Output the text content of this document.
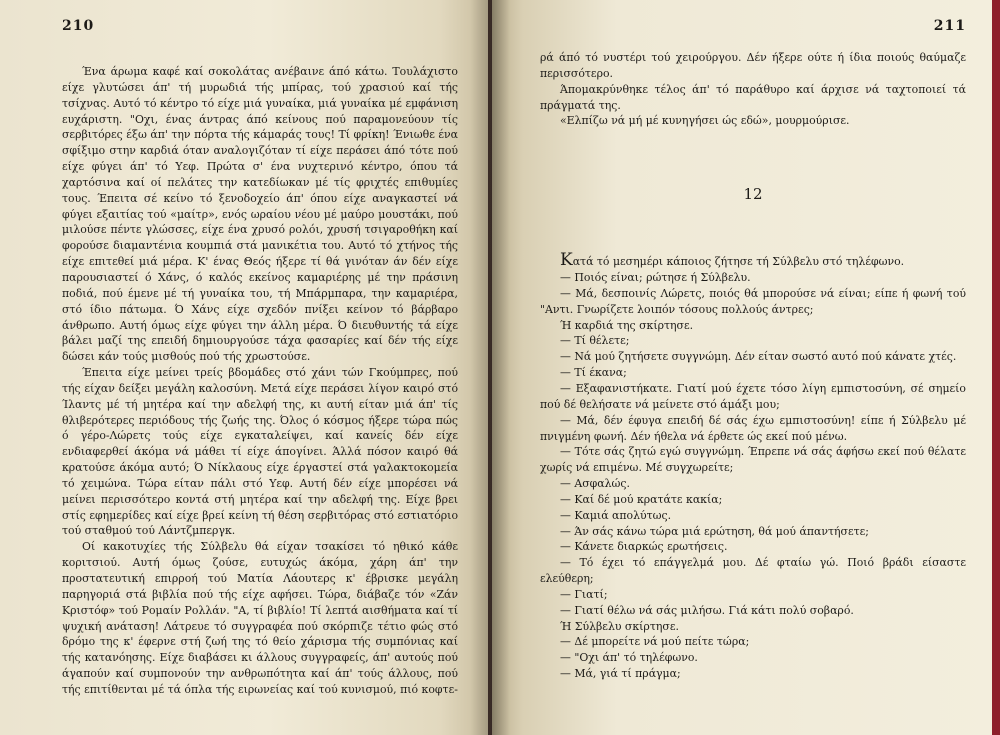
210

Ένα άρωμα καφέ καί σοκολάτας ανέβαινε άπό κάτω. Τουλάχιστο είχε γλυτώσει άπ' τή μυρωδιά τής μπίρας, τού χρασιού καί τής τσίχνας. Αυτό τό κέντρο τό είχε μιά γυναίκα, μιά γυναίκα μέ εμφάνιση ευχάριστη. "Οχι, ένας άντρας άπό κείνους πού παραμονεύουν τίς σερβιτόρες έξω άπ' την πόρτα τής κάμαράς τους! Τί φρίκη! Ένιωθε ένα σφίξιμο στην καρδιά όταν αναλογιζόταν τί είχε περάσει άπό τότε πού είχε φύγει άπ' τό Υεφ. Πρώτα σ' ένα νυχτερινό κέντρο, όπου τά χαρτόσινα καί οί πελάτες την κατεδίωκαν μέ τίς φριχτές επιθυμίες τους. Έπειτα σέ κείνο τό ξενοδοχείο άπ' όπου είχε αναγκαστεί νά φύγει εξαιτίας τού «μαίτρ», ενός ωραίου νέου μέ μαύρο μουστάκι, πού μιλούσε πέντε γλώσσες, είχε ένα χρυσό ρολόι, χρυσή τσιγαροθήκη καί φορούσε διαμαντένια κουμπιά στά μανικέτια του. Αυτό τό χτήνος τής είχε επιτεθεί μιά μέρα. Κ' ένας Θεός ήξερε τί θά γινόταν άν δέν είχε παρουσιαστεί ό Χάνς, ό καλός εκείνος καμαριέρης μέ την πράσινη ποδιά, πού έμενε μέ τή γυναίκα του, τή Μπάρμπαρα, την καμαριέρα, στό ίδιο πάτωμα. Ό Χάνς είχε σχεδόν πνίξει κείνον τό βάρβαρο άνθρωπο. Αυτή όμως είχε φύγει την άλλη μέρα. Ό διευθυντής τά είχε βάλει μαζί της επειδή δημιουργούσε τάχα φασαρίες καί δέν τής είχε δώσει κάν τούς μισθούς πού τής χρωστούσε.

Έπειτα είχε μείνει τρείς βδομάδες στό χάνι τών Γκούμπρες, πού τής είχαν δείξει μεγάλη καλοσύνη. Μετά είχε περάσει λίγον καιρό στό Ίλαντς μέ τή μητέρα καί την αδελφή της, κι αυτή είταν μιά άπ' τίς θλιβερότερες περιόδους τής ζωής της. Όλος ό κόσμος ήξερε τώρα πώς ό γέρο-Λώρετς τούς είχε εγκαταλείψει, καί κανείς δέν είχε ενδιαφερθεί άκόμα νά μάθει τί είχε άπογίνει. Άλλά πόσον καιρό θά κρατούσε άκόμα αυτό; Ό Νίκλαους είχε έργαστεί στά γαλακτοκομεία τό χειμώνα. Τώρα είταν πάλι στό Υεφ. Αυτή δέν είχε μπορέσει νά μείνει περισσότερο κοντά στή μητέρα καί την αδελφή της. Είχε βρει στίς εφημερίδες καί είχε βρεί κείνη τή θέση σερβιτόρας στό εστιατόριο τού σταθμού τού Λάντζμπεργκ.

Οί κακοτυχίες τής Σύλβελυ θά είχαν τσακίσει τό ηθικό κάθε κοριτσιού. Αυτή όμως ζούσε, ευτυχώς άκόμα, χάρη άπ' την προστατευτική επιρροή τού Ματία Λάουτερς κ' έβρισκε μεγάλη παρηγοριά στά βιβλία πού τής είχε αφήσει. Τώρα, διάβαζε τόν «Ζάν Κριστόφ» τού Ρομαίν Ρολλάν. "Α, τί βιβλίο! Τί λεπτά αισθήματα καί τί ψυχική ανάταση! Λάτρευε τό συγγραφέα πού σκόρπιζε τέτιο φώς στό δρόμο της κ' έφερνε στή ζωή της τό θείο χάρισμα τής συμπόνιας καί τής κατανόησης. Είχε διαβάσει κι άλλους συγγραφείς, άπ' αυτούς πού άγαπούν καί συμπονούν την ανθρωπότητα καί άπ' τούς άλλους, πού τής επιτίθενται μέ τά όπλα τής ειρωνείας καί τού κυνισμού, πιό κοφτε-

211

ρά άπό τό νυστέρι τού χειρούργου. Δέν ήξερε ούτε ή ίδια ποιούς θαύμαζε περισσότερο.

Άπομακρύνθηκε τέλος άπ' τό παράθυρο καί άρχισε νά ταχτοποιεί τά πράγματά της.

«Ελπίζω νά μή μέ κυνηγήσει ώς εδώ», μουρμούρισε.

12

Κατά τό μεσημέρι κάποιος ζήτησε τή Σύλβελυ στό τηλέφωνο.

— Ποιός είναι; ρώτησε ή Σύλβελυ.

— Μά, δεσποινίς Λώρετς, ποιός θά μπορούσε νά είναι; είπε ή φωνή τού "Αντι. Γνωρίζετε λοιπόν τόσους πολλούς άντρες;

Ή καρδιά της σκίρτησε.

— Τί θέλετε;

— Νά μού ζητήσετε συγγνώμη. Δέν είταν σωστό αυτό πού κάνατε χτές.

— Τί έκανα;

— Εξαφανιστήκατε. Γιατί μού έχετε τόσο λίγη εμπιστοσύνη, σέ σημείο πού δέ θελήσατε νά μείνετε στό άμάξι μου;

— Μά, δέν έφυγα επειδή δέ σάς έχω εμπιστοσύνη! είπε ή Σύλβελυ μέ πνιγμένη φωνή. Δέν ήθελα νά έρθετε ώς εκεί πού μένω.

— Τότε σάς ζητώ εγώ συγγνώμη. Έπρεπε νά σάς άφήσω εκεί πού θέλατε χωρίς νά επιμένω. Μέ συγχωρείτε;

— Ασφαλώς.

— Καί δέ μού κρατάτε κακία;

— Καμιά απολύτως.

— Άν σάς κάνω τώρα μιά ερώτηση, θά μού άπαντήσετε;

— Κάνετε διαρκώς ερωτήσεις.

— Τό έχει τό επάγγελμά μου. Δέ φταίω γώ. Ποιό βράδι είσαστε ελεύθερη;

— Γιατί;

— Γιατί θέλω νά σάς μιλήσω. Γιά κάτι πολύ σοβαρό.

Ή Σύλβελυ σκίρτησε.

— Δέ μπορείτε νά μού πείτε τώρα;

— "Οχι άπ' τό τηλέφωνο.

— Μά, γιά τί πράγμα;
